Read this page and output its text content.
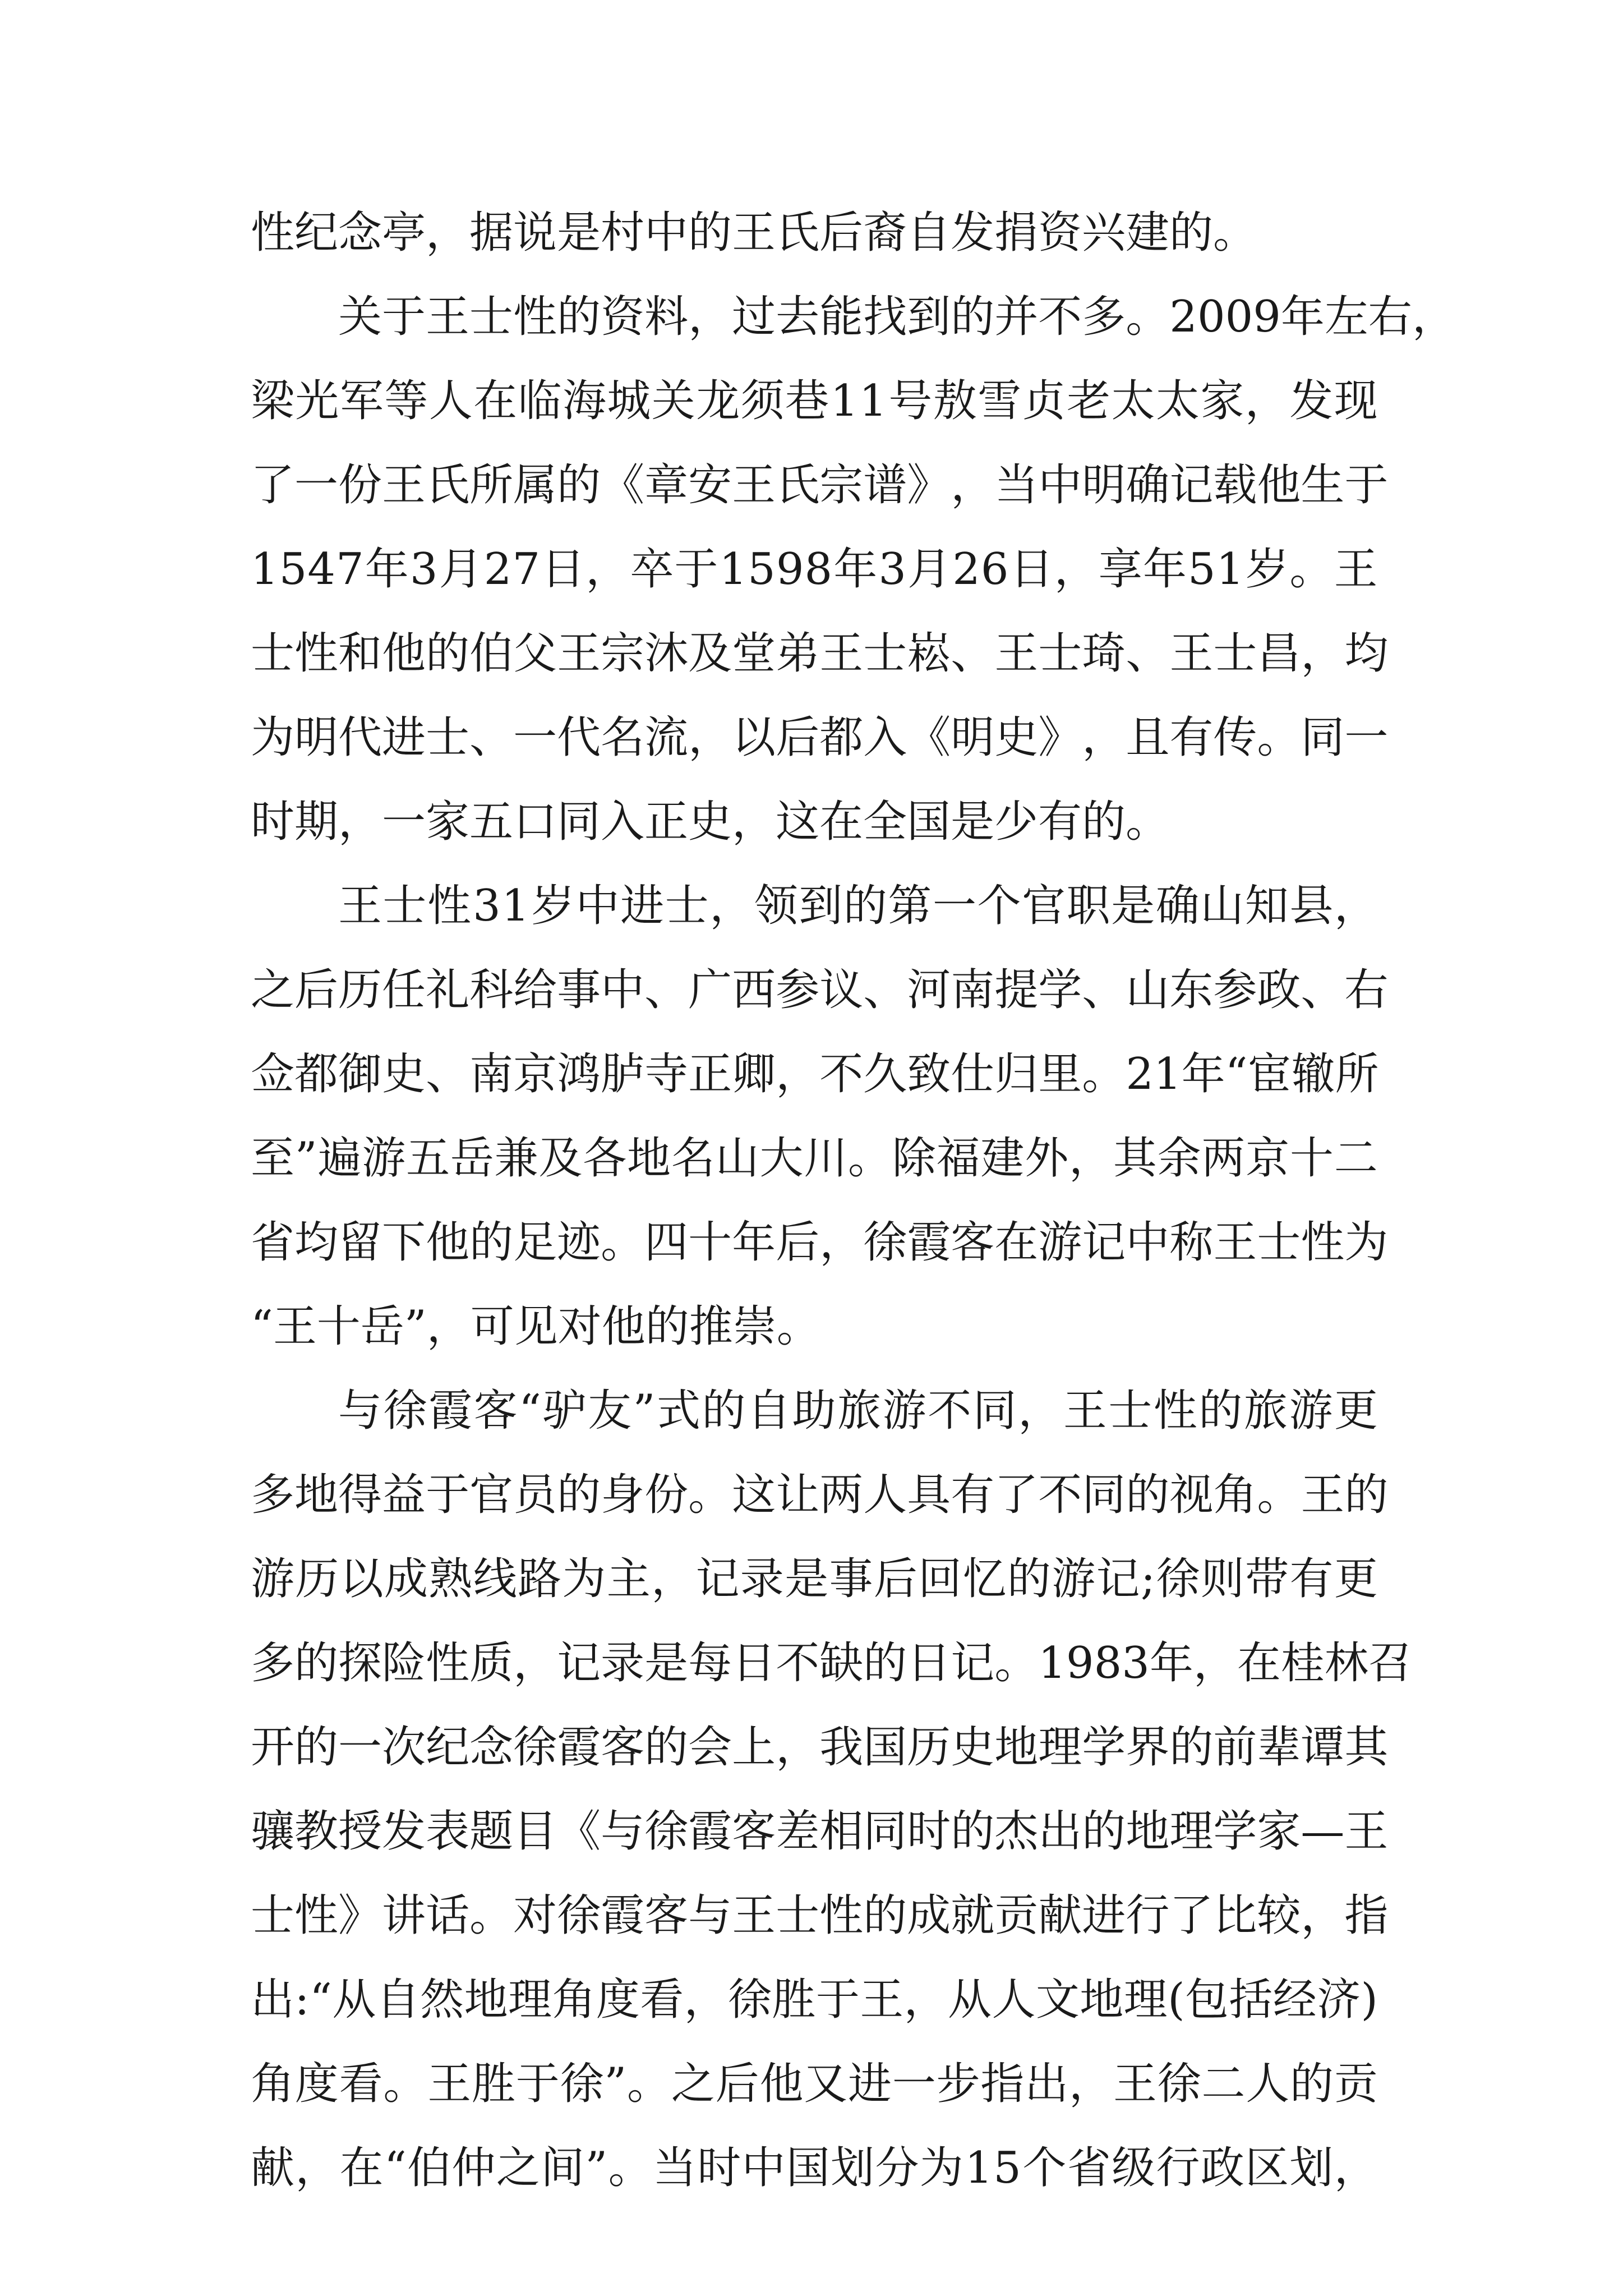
性纪念亭，据说是村中的王氏后裔自发捐资兴建的。
关 于 王 士 性 的 资 料 ， 过 去 能 找 到 的 并 不 多 。 2 0 0 9 年 左 右 ，
梁 光 军 等 人 在 临 海 城 关 龙 须 巷 1 1 号 敖 雪 贞 老 太 太 家 ， 发 现
了 一 份 王 氏 所 属 的 《 章 安 王 氏 宗 谱 》 ， 当 中 明 确 记 载 他 生 于
1 5 4 7 年 3 月 2 7 日 ， 卒 于 1 5 9 8 年 3 月 2 6 日 ， 享 年 5 1 岁 。 王
士 性 和 他 的 伯 父 王 宗 沐 及 堂 弟 王 士 崧 、 王 士 琦 、 王 士 昌 ， 均
为 明 代 进 士 、 一 代 名 流 ， 以 后 都 入 《 明 史 》 ， 且 有 传 。 同 一
时期，一家五口同入正史，这在全国是少有的。
王 士 性 3 1 岁 中 进 士 ， 领 到 的 第 一 个 官 职 是 确 山 知 县 ，
之 后 历 任 礼 科 给 事 中 、 广 西 参 议 、 河 南 提 学 、 山 东 参 政 、 右
佥 都 御 史 、 南 京 鸿 胪 寺 正 卿 ， 不 久 致 仕 归 里 。 2 1 年 “ 宦 辙 所
至 ” 遍 游 五 岳 兼 及 各 地 名 山 大 川 。 除 福 建 外 ， 其 余 两 京 十 二
省 均 留 下 他 的 足 迹 。 四 十 年 后 ， 徐 霞 客 在 游 记 中 称 王 士 性 为
“王十岳”，可见对他的推崇。
与 徐 霞 客 “ 驴 友 ” 式 的 自 助 旅 游 不 同 ， 王 士 性 的 旅 游 更
多 地 得 益 于 官 员 的 身 份 。 这 让 两 人 具 有 了 不 同 的 视 角 。 王 的
游 历 以 成 熟 线 路 为 主 ， 记 录 是 事 后 回 忆 的 游 记 ; 徐 则 带 有 更
多 的 探 险 性 质 ， 记 录 是 每 日 不 缺 的 日 记 。 1 9 8 3 年 ， 在 桂 林 召
开 的 一 次 纪 念 徐 霞 客 的 会 上 ， 我 国 历 史 地 理 学 界 的 前 辈 谭 其
骧 教 授 发 表 题 目 《 与 徐 霞 客 差 相 同 时 的 杰 出 的 地 理 学 家 — 王
士 性 》 讲 话 。 对 徐 霞 客 与 王 士 性 的 成 就 贡 献 进 行 了 比 较 ， 指
出 : “ 从 自 然 地 理 角 度 看 ， 徐 胜 于 王 ， 从 人 文 地 理 ( 包 括 经 济 )
角 度 看 。 王 胜 于 徐 ” 。 之 后 他 又 进 一 步 指 出 ， 王 徐 二 人 的 贡
献 ， 在 “ 伯 仲 之 间 ” 。 当 时 中 国 划 分 为 1 5 个 省 级 行 政 区 划 ，
